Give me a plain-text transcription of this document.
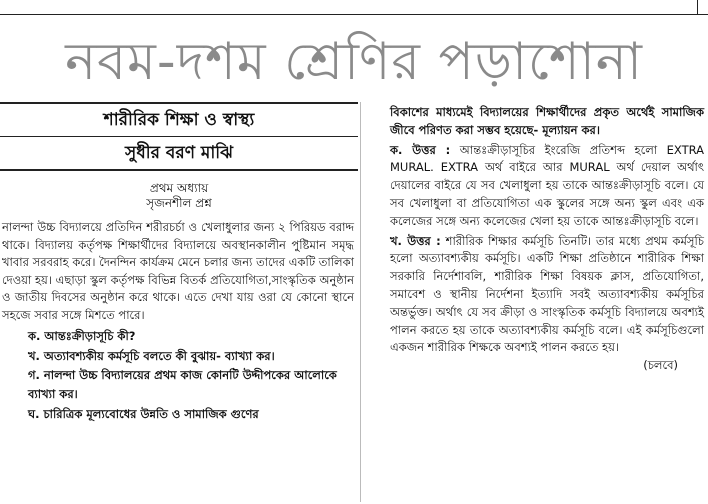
নবম-দশম শ্রেণির পড়াশোনা
শারীরিক শিক্ষা ও স্বাস্থ্য
সুধীর বরণ মাঝি
প্রথম অধ্যায়
সৃজনশীল প্রশ্ন

নালন্দা উচ্চ বিদ্যালয়ে প্রতিদিন শরীরচর্চা ও খেলাধুলার জন্য ২ পিরিয়ড বরাদ্দ থাকে। বিদ্যালয় কর্তৃপক্ষ শিক্ষার্থীদের বিদ্যালয়ে অবস্থানকালীন পুষ্টিমান সমৃদ্ধ খাবার সরবরাহ করে। দৈনন্দিন কার্যক্রম মেনে চলার জন্য তাদের একটি তালিকা দেওয়া হয়। এছাড়া স্কুল কর্তৃপক্ষ বিভিন্ন বিতর্ক প্রতিযোগিতা,সাংস্কৃতিক অনুষ্ঠান ও জাতীয় দিবসের অনুষ্ঠান করে থাকে। এতে দেখা যায় ওরা যে কোনো স্থানে সহজে সবার সঙ্গে মিশতে পারে।

ক. আন্তঃক্রীড়াসূচি কী?
খ. অত্যাবশ্যকীয় কর্মসূচি বলতে কী বুঝায়- ব্যাখ্যা কর।
গ. নালন্দা উচ্চ বিদ্যালয়ের প্রথম কাজ কোনটি উদ্দীপকের আলোকে ব্যাখ্যা কর।
ঘ. চারিত্রিক মূল্যবোধের উন্নতি ও সামাজিক গুণের

বিকাশের মাধ্যমেই বিদ্যালয়ের শিক্ষার্থীদের প্রকৃত অর্থেই সামাজিক জীবে পরিণত করা সম্ভব হয়েছে- মূল্যায়ন কর।

ক. উত্তর : আন্তঃক্রীড়াসূচির ইংরেজি প্রতিশব্দ হলো EXTRA MURAL. EXTRA অর্থ বাইরে আর MURAL অর্থ দেয়াল অর্থাৎ দেয়ালের বাইরে যে সব খেলাধুলা হয় তাকে আন্তঃক্রীড়াসূচি বলে। যে সব খেলাধুলা বা প্রতিযোগিতা এক স্কুলের সঙ্গে অন্য স্কুল এবং এক কলেজের সঙ্গে অন্য কলেজের খেলা হয় তাকে আন্তঃক্রীড়াসূচি বলে।

খ. উত্তর : শারীরিক শিক্ষার কর্মসূচি তিনটি। তার মধ্যে প্রথম কর্মসূচি হলো অত্যাবশ্যকীয় কর্মসূচি। একটি শিক্ষা প্রতিষ্ঠানে শারীরিক শিক্ষা সরকারি নির্দেশাবলি, শারীরিক শিক্ষা বিষয়ক ক্লাস, প্রতিযোগিতা, সমাবেশ ও স্থানীয় নির্দেশনা ইত্যাদি সবই অত্যাবশ্যকীয় কর্মসূচির অন্তর্ভুক্ত। অর্থাৎ যে সব ক্রীড়া ও সাংস্কৃতিক কর্মসূচি বিদ্যালয়ে অবশ্যই পালন করতে হয় তাকে অত্যাবশ্যকীয় কর্মসূচি বলে। এই কর্মসূচিগুলো একজন শারীরিক শিক্ষকে অবশ্যই পালন করতে হয়।

(চলবে)
